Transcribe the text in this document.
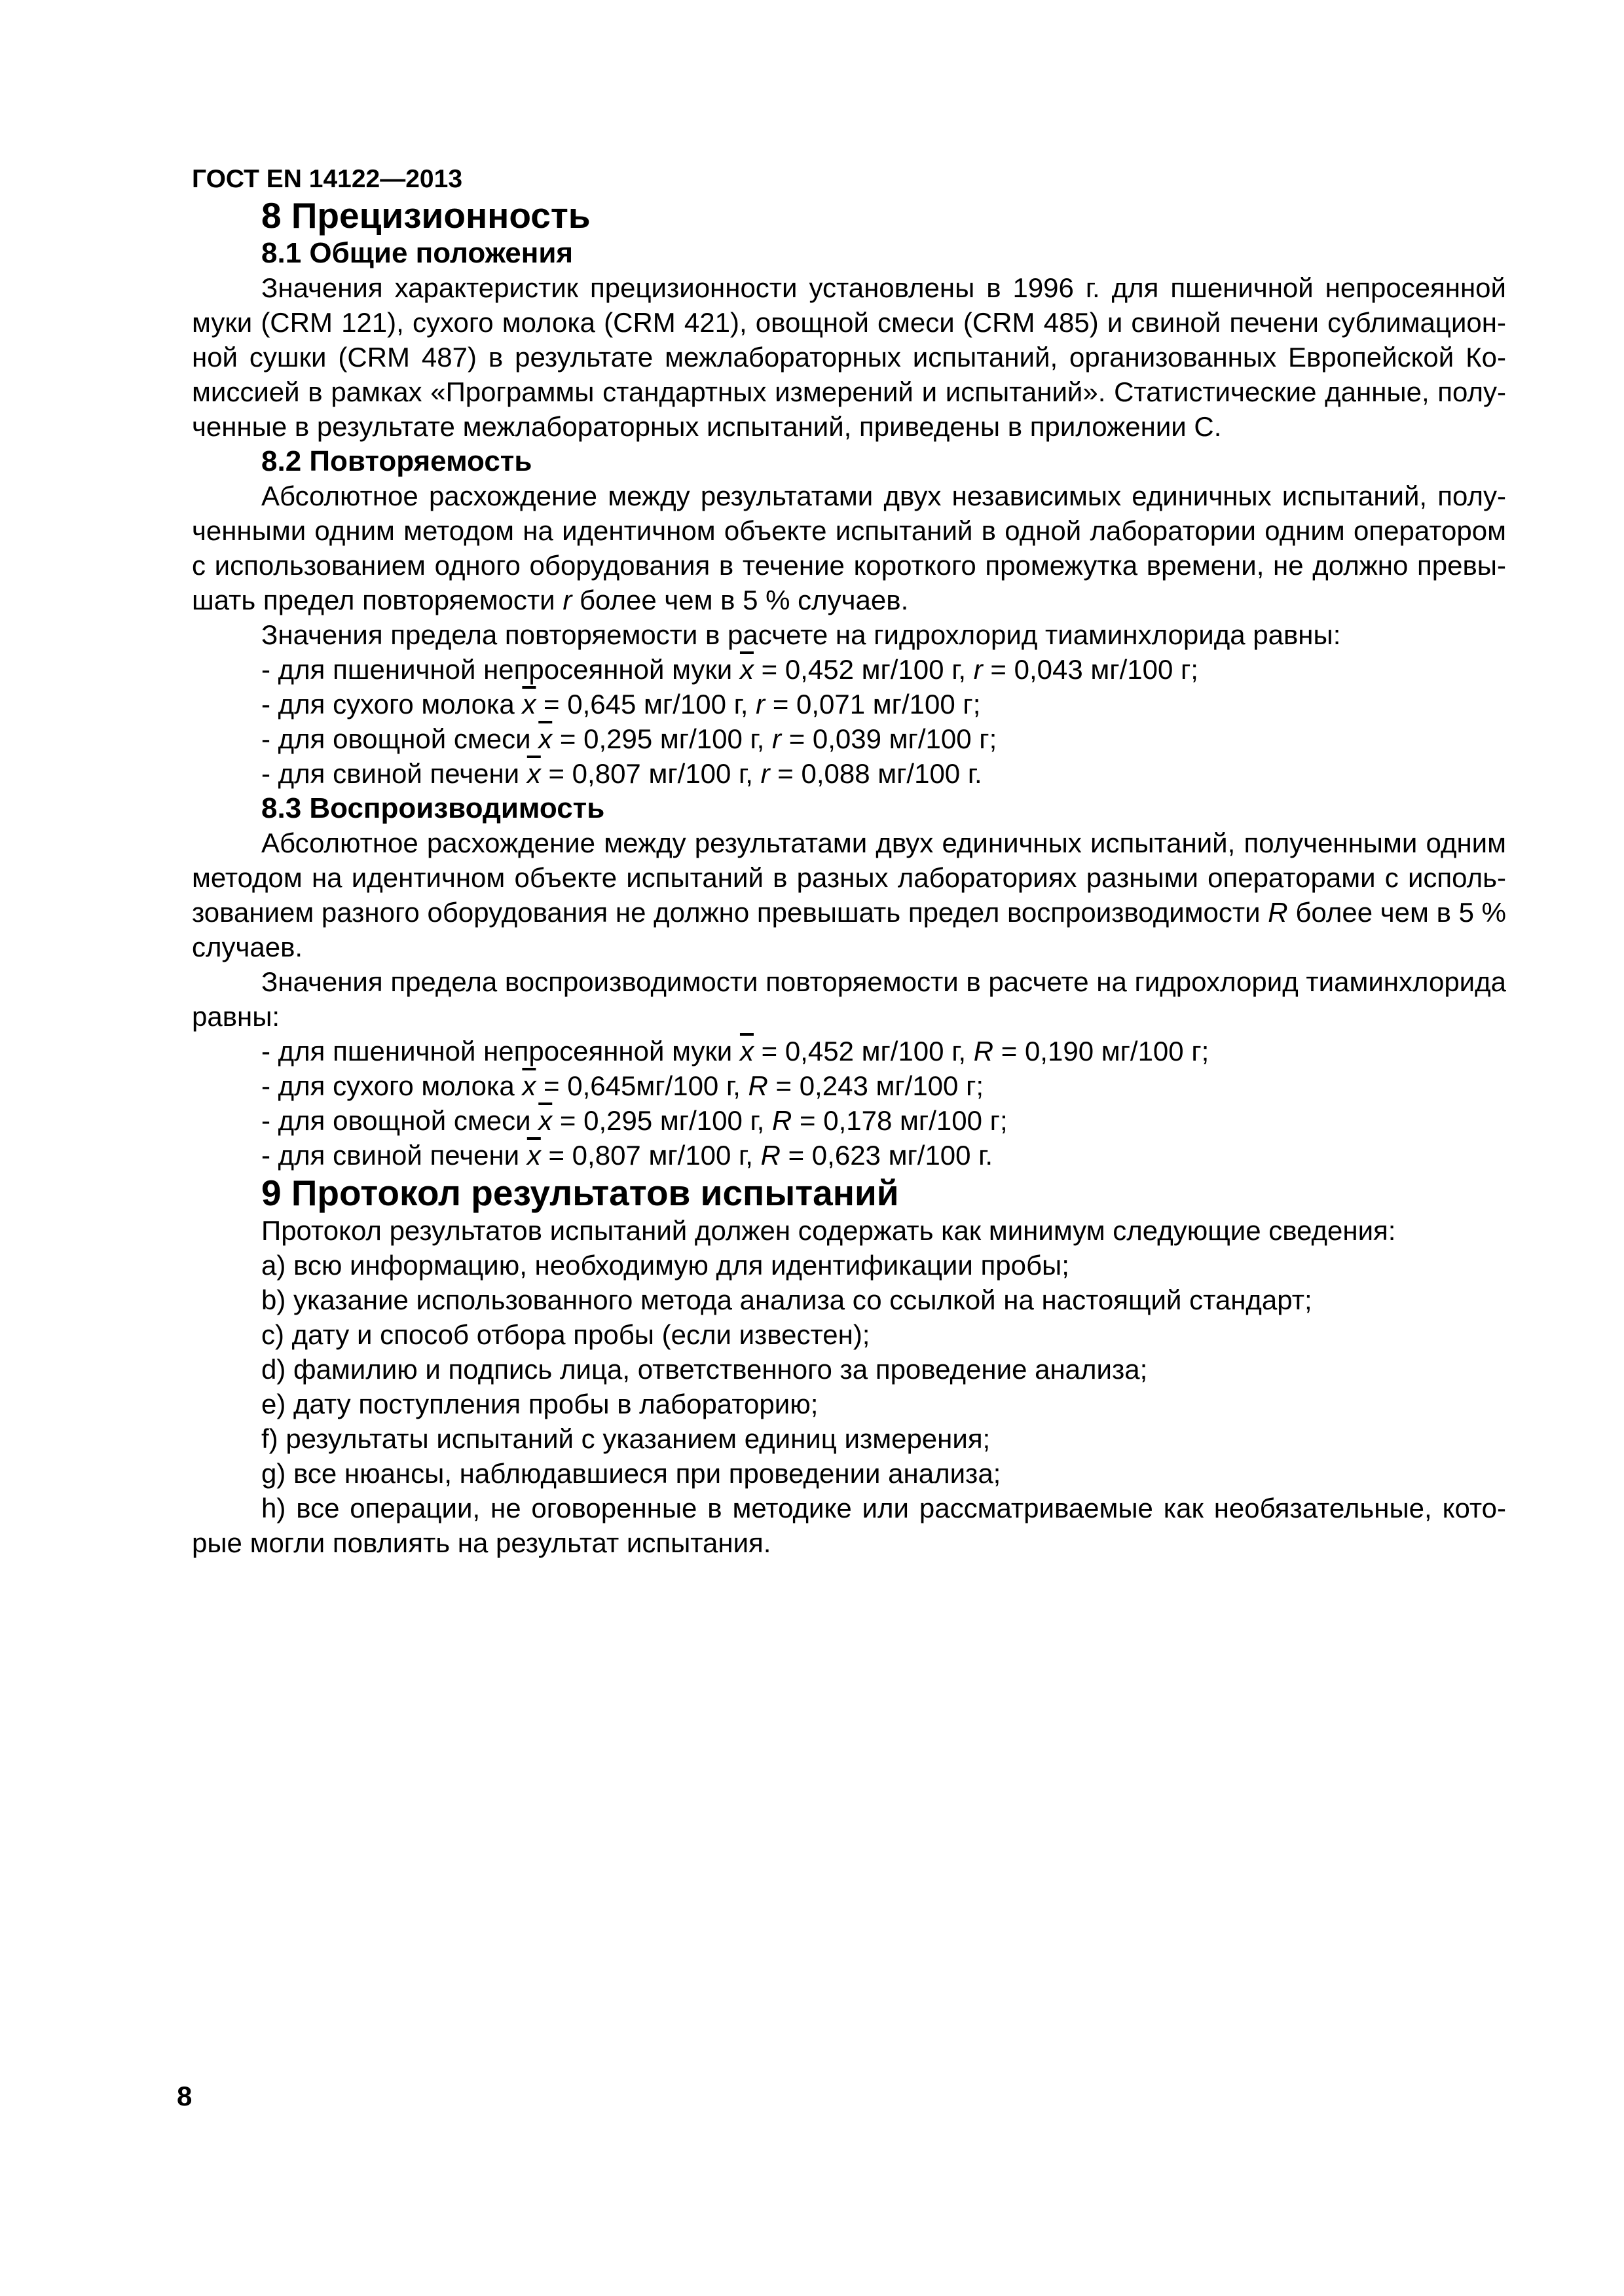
ГОСТ EN 14122—2013
8 Прецизионность
8.1 Общие положения

Значения характеристик прецизионности установлены в 1996 г. для пшеничной непросеянной муки (CRM 121), сухого молока (CRM 421), овощной смеси (CRM 485) и свиной печени сублимационной сушки (CRM 487) в результате межлабораторных испытаний, организованных Европейской Комиссией в рамках «Программы стандартных измерений и испытаний». Статистические данные, полученные в результате межлабораторных испытаний, приведены в приложении C.

8.2 Повторяемость

Абсолютное расхождение между результатами двух независимых единичных испытаний, полученными одним методом на идентичном объекте испытаний в одной лаборатории одним оператором с использованием одного оборудования в течение короткого промежутка времени, не должно превышать предел повторяемости r более чем в 5 % случаев.

Значения предела повторяемости в расчете на гидрохлорид тиаминхлорида равны:

- для пшеничной непросеянной муки $\overline{x} = 0,452$ мг/100 г, r = 0,043 мг/100 г;

- для сухого молока $\overline{x} = 0,645$ мг/100 г, r = 0,071 мг/100 г;

- для овощной смеси $\overline{x} = 0,295$ мг/100 г, r = 0,039 мг/100 г;

- для свиной печени $\overline{x} = 0,807$ мг/100 г, r = 0,088 мг/100 г.

8.3 Воспроизводимость

Абсолютное расхождение между результатами двух единичных испытаний, полученными одним методом на идентичном объекте испытаний в разных лабораториях разными операторами с использованием разного оборудования не должно превышать предел воспроизводимости R более чем в 5 % случаев.

Значения предела воспроизводимости повторяемости в расчете на гидрохлорид тиаминхлорида равны:

- для пшеничной непросеянной муки $\overline{x} = 0,452$ мг/100 г, R = 0,190 мг/100 г;

- для сухого молока $\overline{x} = 0,645мг/100$ г, R = 0,243 мг/100 г;

- для овощной смеси $\overline{x} = 0,295$ мг/100 г, R = 0,178 мг/100 г;

- для свиной печени $\overline{x} = 0,807$ мг/100 г, R = 0,623 мг/100 г.

9 Протокол результатов испытаний

Протокол результатов испытаний должен содержать как минимум следующие сведения:

a) всю информацию, необходимую для идентификации пробы;

b) указание использованного метода анализа со ссылкой на настоящий стандарт;

c) дату и способ отбора пробы (если известен);

d) фамилию и подпись лица, ответственного за проведение анализа;

e) дату поступления пробы в лабораторию;

f) результаты испытаний с указанием единиц измерения;

g) все нюансы, наблюдавшиеся при проведении анализа;

h) все операции, не оговоренные в методике или рассматриваемые как необязательные, которые могли повлиять на результат испытания.

8
